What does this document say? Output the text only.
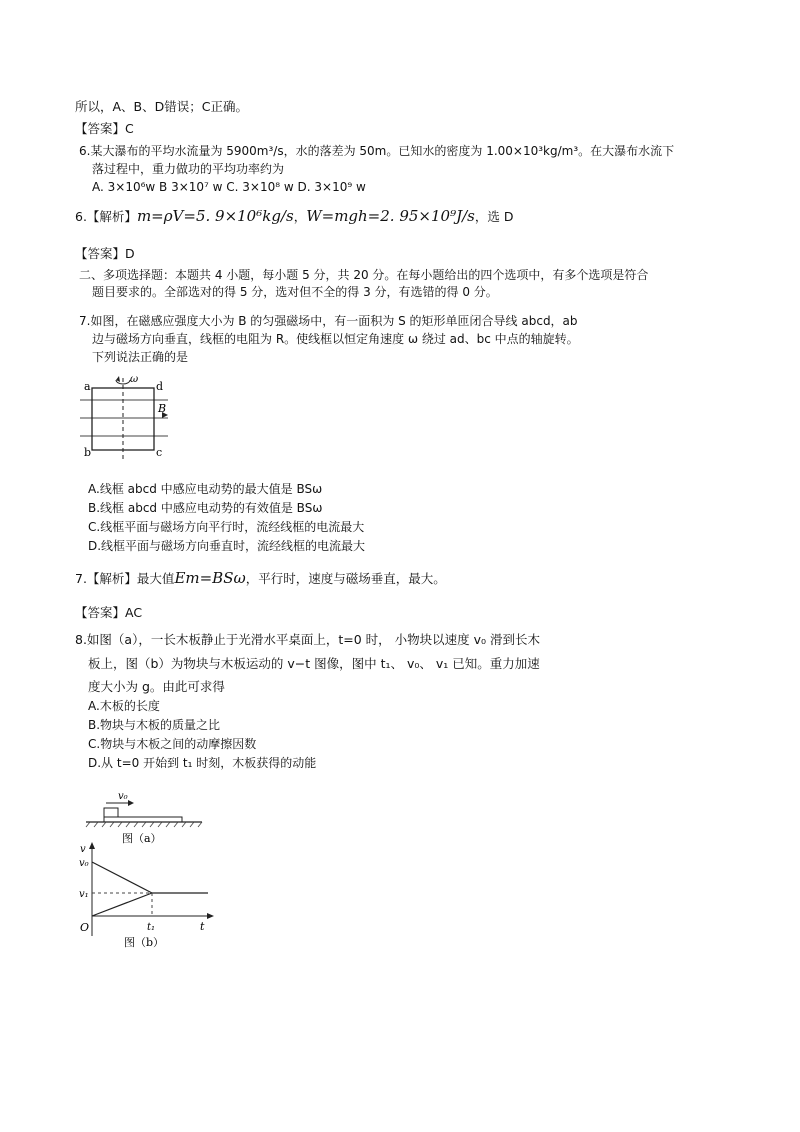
所以，A、B、D错误；C正确。
【答案】C
6.某大瀑布的平均水流量为 5900m³/s，水的落差为 50m。已知水的密度为 1.00×10³kg/m³。在大瀑布水流下
落过程中，重力做功的平均功率约为
A. 3×10⁶w B 3×10⁷ w C. 3×10⁸ w D. 3×10⁹ w
6.【解析】m=ρV=5. 9×10⁶kg/s，W=mgh=2. 95×10⁹J/s，选 D
【答案】D
二、多项选择题：本题共 4 小题，每小题 5 分，共 20 分。在每小题给出的四个选项中，有多个选项是符合
题目要求的。全部选对的得 5 分，选对但不全的得 3 分，有选错的得 0 分。
7.如图，在磁感应强度大小为 B 的匀强磁场中，有一面积为 S 的矩形单匝闭合导线 abcd，ab
边与磁场方向垂直，线框的电阻为 R。使线框以恒定角速度 ω 绕过 ad、bc 中点的轴旋转。
下列说法正确的是
ω
a	d
b	c
B
A.线框 abcd 中感应电动势的最大值是 BSω
B.线框 abcd 中感应电动势的有效值是 BSω
C.线框平面与磁场方向平行时，流经线框的电流最大
D.线框平面与磁场方向垂直时，流经线框的电流最大
7.【解析】最大值Em=BSω，平行时，速度与磁场垂直，最大。
【答案】AC
8.如图（a），一长木板静止于光滑水平桌面上，t=0 时， 小物块以速度 v₀ 滑到长木
板上，图（b）为物块与木板运动的 v−t 图像，图中 t₁、 v₀、 v₁ 已知。重力加速
度大小为 g。由此可求得
A.木板的长度
B.物块与木板的质量之比
C.物块与木板之间的动摩擦因数
D.从 t=0 开始到 t₁ 时刻，木板获得的动能
v₀
图（a）
v
v₀
v₁
O	t₁	t
图（b）
